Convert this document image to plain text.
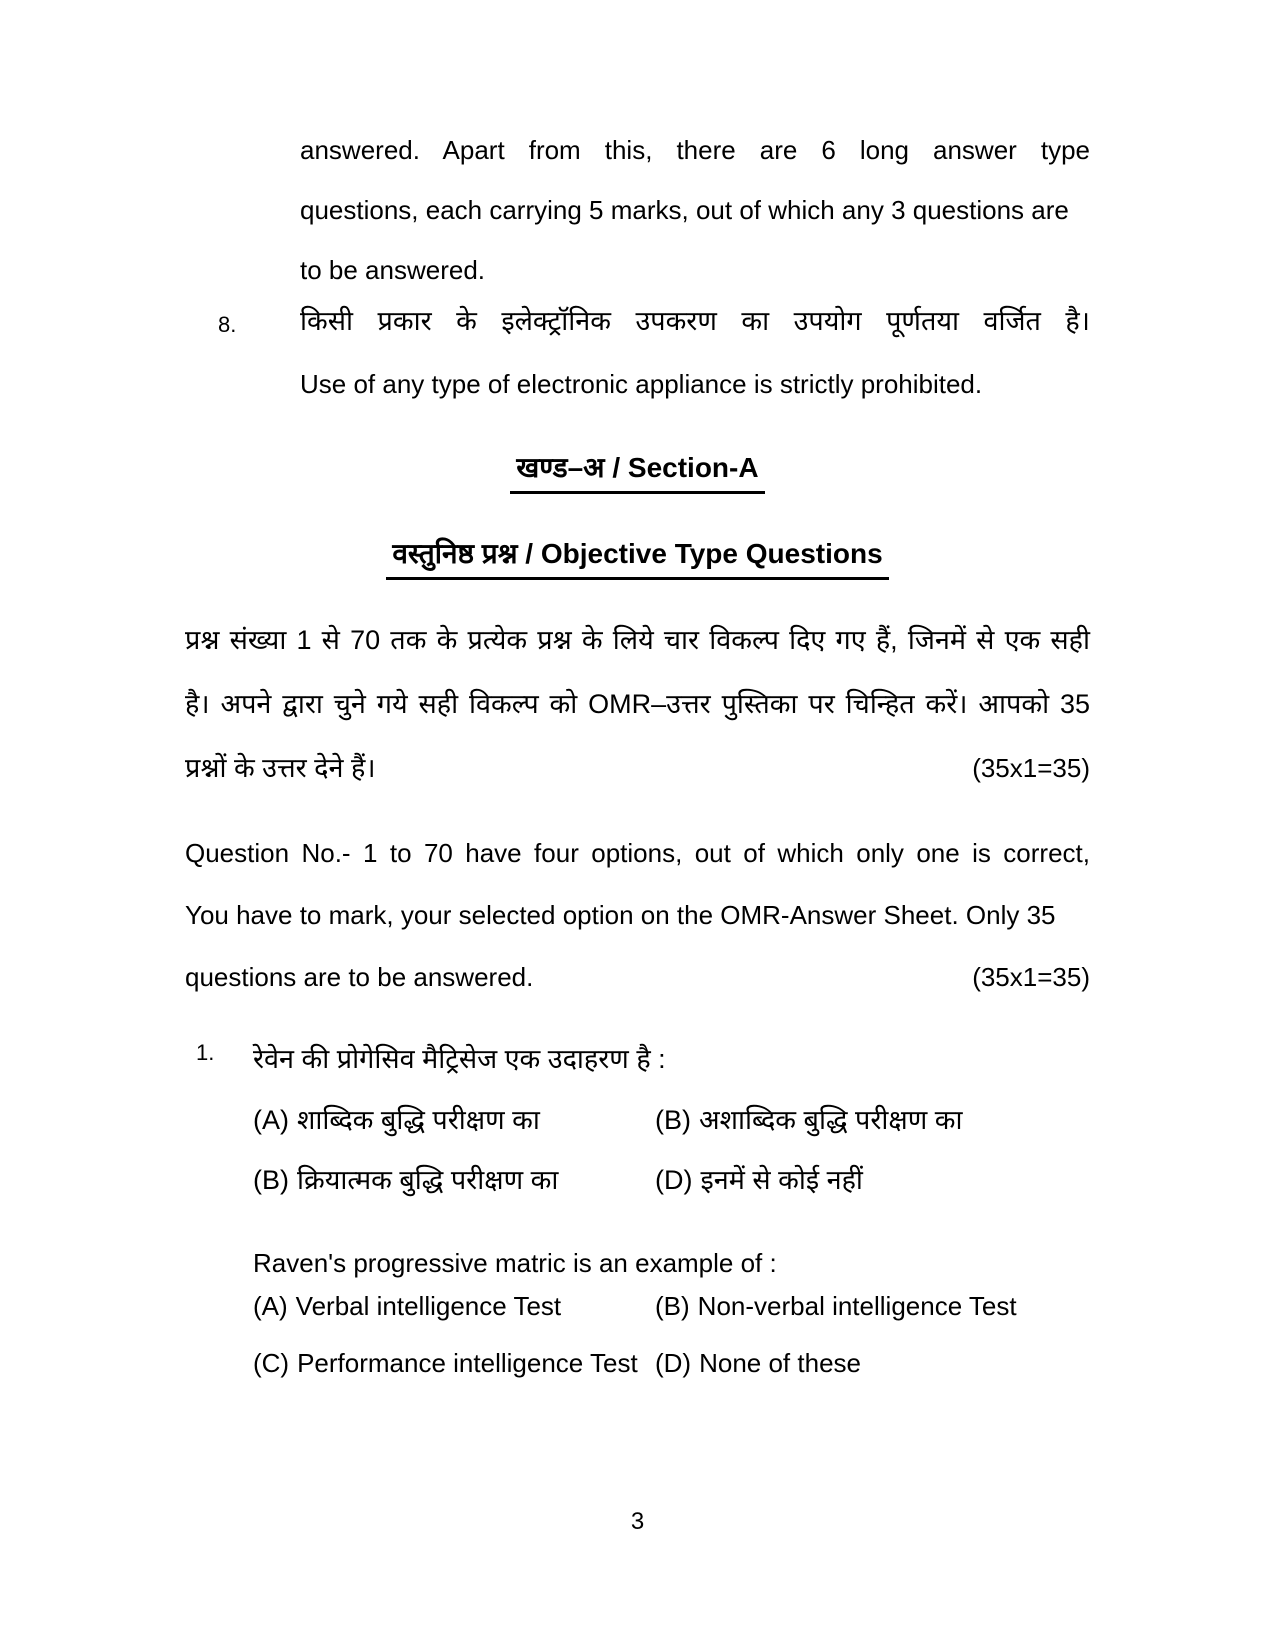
answered. Apart from this, there are 6 long answer type
questions, each carrying 5 marks, out of which any 3 questions are
to be answered.
8. किसी प्रकार के इलेक्ट्रॉनिक उपकरण का उपयोग पूर्णतया वर्जित है।
Use of any type of electronic appliance is strictly prohibited.
खण्ड–अ / Section-A
वस्तुनिष्ठ प्रश्न / Objective Type Questions
प्रश्न संख्या 1 से 70 तक के प्रत्येक प्रश्न के लिये चार विकल्प दिए गए हैं, जिनमें से एक सही
है। अपने द्वारा चुने गये सही विकल्प को OMR–उत्तर पुस्तिका पर चिन्हित करें। आपको 35
प्रश्नों के उत्तर देने हैं।	(35x1=35)
Question No.- 1 to 70 have four options, out of which only one is correct,
You have to mark, your selected option on the OMR-Answer Sheet. Only 35
questions are to be answered.	(35x1=35)
1. रेवेन की प्रोगेसिव मैट्रिसेज एक उदाहरण है :
(A) शाब्दिक बुद्धि परीक्षण का	(B) अशाब्दिक बुद्धि परीक्षण का
(B) क्रियात्मक बुद्धि परीक्षण का	(D) इनमें से कोई नहीं
Raven's progressive matric is an example of :
(A) Verbal intelligence Test	(B) Non-verbal intelligence Test
(C) Performance intelligence Test (D) None of these
3
